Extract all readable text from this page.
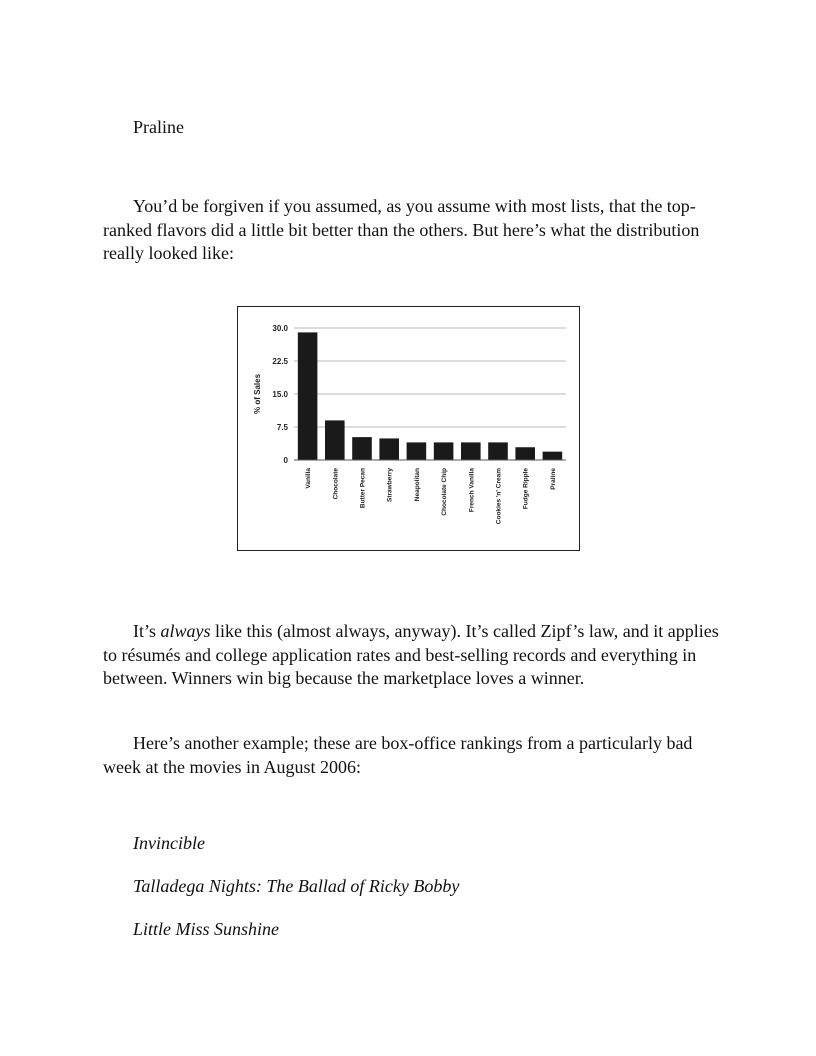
Praline
You’d be forgiven if you assumed, as you assume with most lists, that the top-ranked flavors did a little bit better than the others. But here’s what the distribution really looked like:
0
7.5
15.0
22.5
30.0
% of Sales
Vanilla	Chocolate	Butter Pecan	Strawberry	Neapolitan	Chocolate Chip	French Vanilla	Cookies 'n' Cream	Fudge Ripple	Praline
It’s always like this (almost always, anyway). It’s called Zipf’s law, and it applies to résumés and college application rates and best-selling records and everything in between. Winners win big because the marketplace loves a winner.
Here’s another example; these are box-office rankings from a particularly bad week at the movies in August 2006:
Invincible
Talladega Nights: The Ballad of Ricky Bobby
Little Miss Sunshine
